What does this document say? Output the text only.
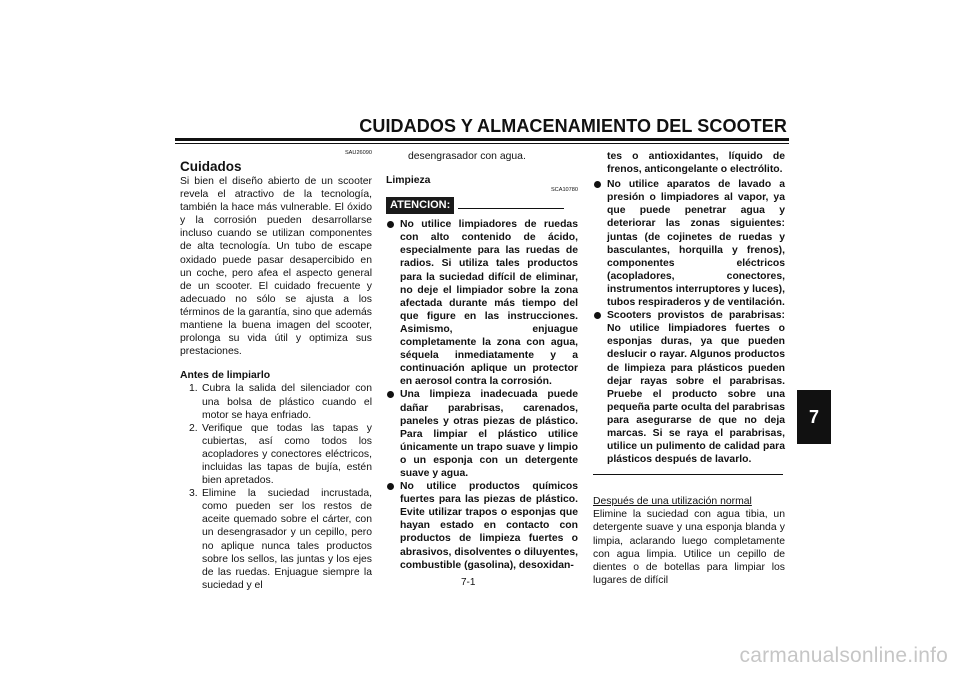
CUIDADOS Y ALMACENAMIENTO DEL SCOOTER
7
SAU26090
Cuidados

Si bien el diseño abierto de un scooter revela el atractivo de la tecnología, también la hace más vulnerable. El óxido y la corrosión pueden desarrollarse incluso cuando se utilizan componentes de alta tecnología. Un tubo de escape oxidado puede pasar desapercibido en un coche, pero afea el aspecto general de un scooter. El cuidado frecuente y adecuado no sólo se ajusta a los términos de la garantía, sino que además mantiene la buena imagen del scooter, prolonga su vida útil y optimiza sus prestaciones.

Antes de limpiarlo

1. Cubra la salida del silenciador con una bolsa de plástico cuando el motor se haya enfriado.
2. Verifique que todas las tapas y cubiertas, así como todos los acopladores y conectores eléctricos, incluidas las tapas de bujía, estén bien apretados.
3. Elimine la suciedad incrustada, como pueden ser los restos de aceite quemado sobre el cárter, con un desengrasador y un cepillo, pero no aplique nunca tales productos sobre los sellos, las juntas y los ejes de las ruedas. Enjuague siempre la suciedad y el

desengrasador con agua.

Limpieza

SCA10780
ATENCION:
No utilice limpiadores de ruedas con alto contenido de ácido, especialmente para las ruedas de radios. Si utiliza tales productos para la suciedad difícil de eliminar, no deje el limpiador sobre la zona afectada durante más tiempo del que figure en las instrucciones. Asimismo, enjuague completamente la zona con agua, séquela inmediatamente y a continuación aplique un protector en aerosol contra la corrosión.
Una limpieza inadecuada puede dañar parabrisas, carenados, paneles y otras piezas de plástico. Para limpiar el plástico utilice únicamente un trapo suave y limpio o un esponja con un detergente suave y agua.
No utilice productos químicos fuertes para las piezas de plástico. Evite utilizar trapos o esponjas que hayan estado en contacto con productos de limpieza fuertes o abrasivos, disolventes o diluyentes, combustible (gasolina), desoxidan-

tes o antioxidantes, líquido de frenos, anticongelante o electrólito.

No utilice aparatos de lavado a presión o limpiadores al vapor, ya que puede penetrar agua y deteriorar las zonas siguientes: juntas (de cojinetes de ruedas y basculantes, horquilla y frenos), componentes eléctricos (acopladores, conectores, instrumentos interruptores y luces), tubos respiraderos y de ventilación.
Scooters provistos de parabrisas: No utilice limpiadores fuertes o esponjas duras, ya que pueden deslucir o rayar. Algunos productos de limpieza para plásticos pueden dejar rayas sobre el parabrisas. Pruebe el producto sobre una pequeña parte oculta del parabrisas para asegurarse de que no deja marcas. Si se raya el parabrisas, utilice un pulimento de calidad para plásticos después de lavarlo.

Después de una utilización normal

Elimine la suciedad con agua tibia, un detergente suave y una esponja blanda y limpia, aclarando luego completamente con agua limpia. Utilice un cepillo de dientes o de botellas para limpiar los lugares de difícil

7-1
carmanualsonline.info
